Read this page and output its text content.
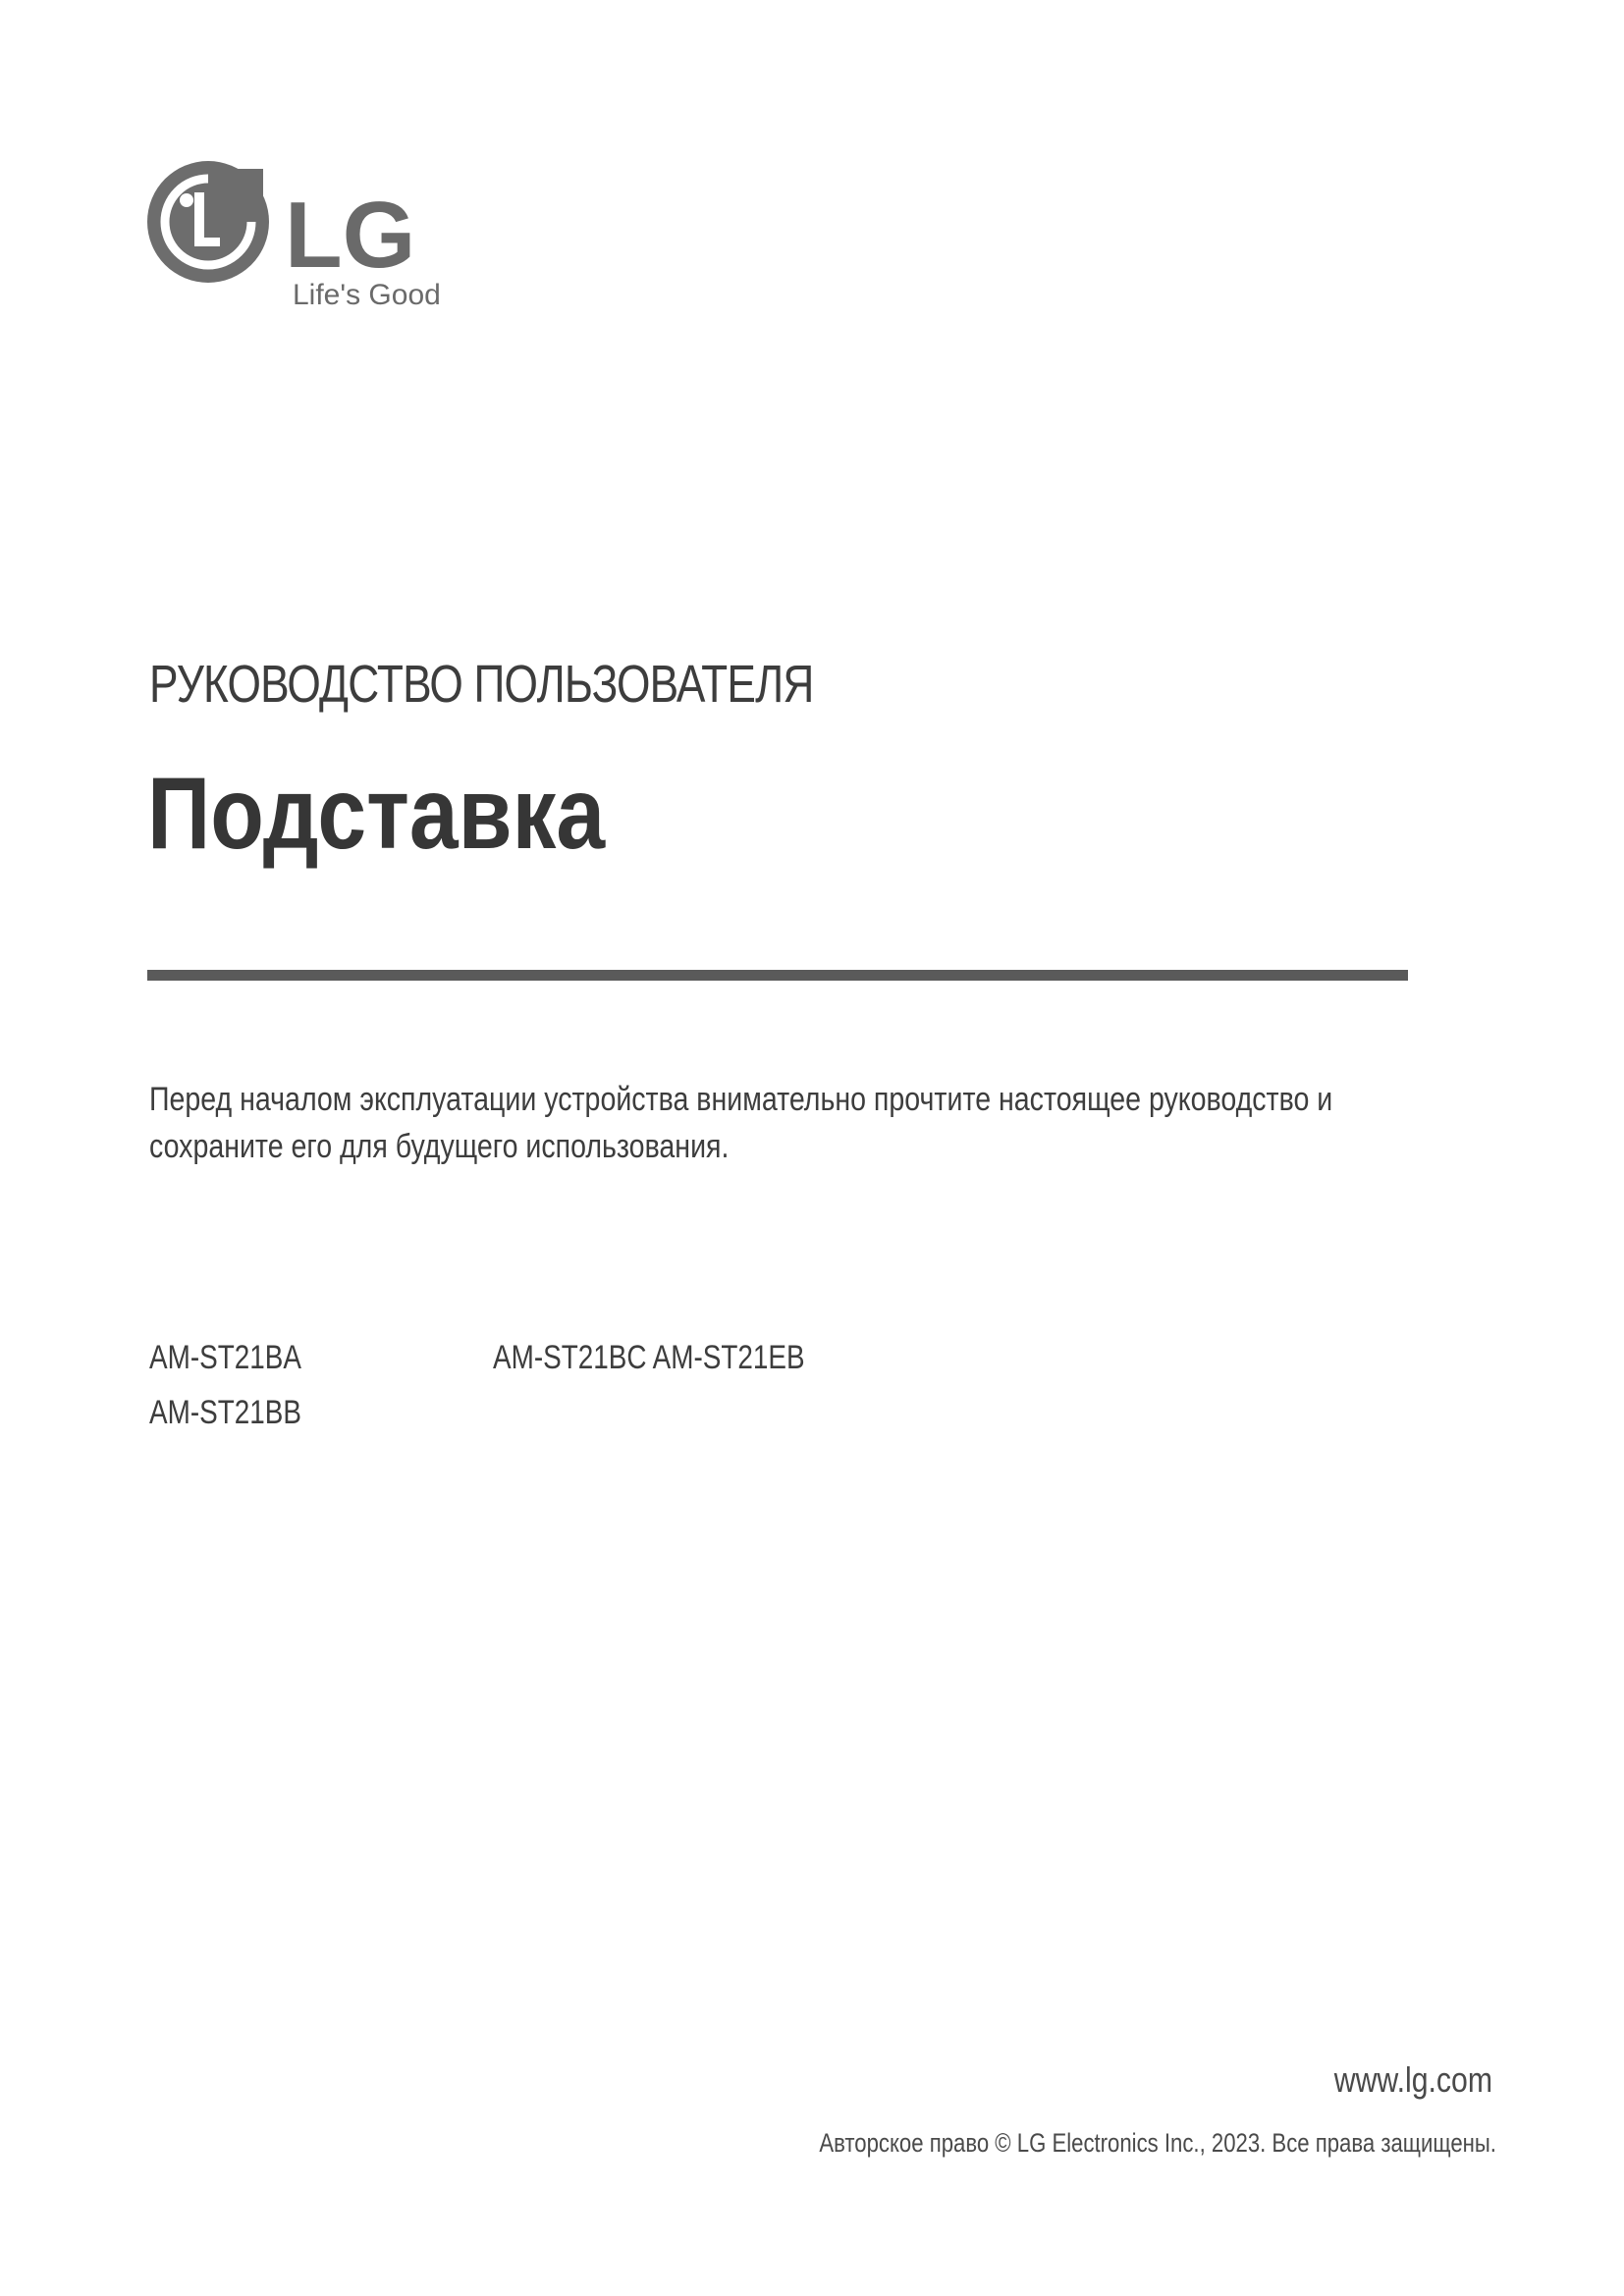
LG
Life's Good
РУКОВОДСТВО ПОЛЬЗОВАТЕЛЯ
Подставка

Перед началом эксплуатации устройства внимательно прочтите настоящее руководство и

сохраните его для будущего использования.

AM-ST21BA
AM-ST21BB
AM-ST21BC AM-ST21EB
www.lg.com
Авторское право © LG Electronics Inc., 2023. Все права защищены.
